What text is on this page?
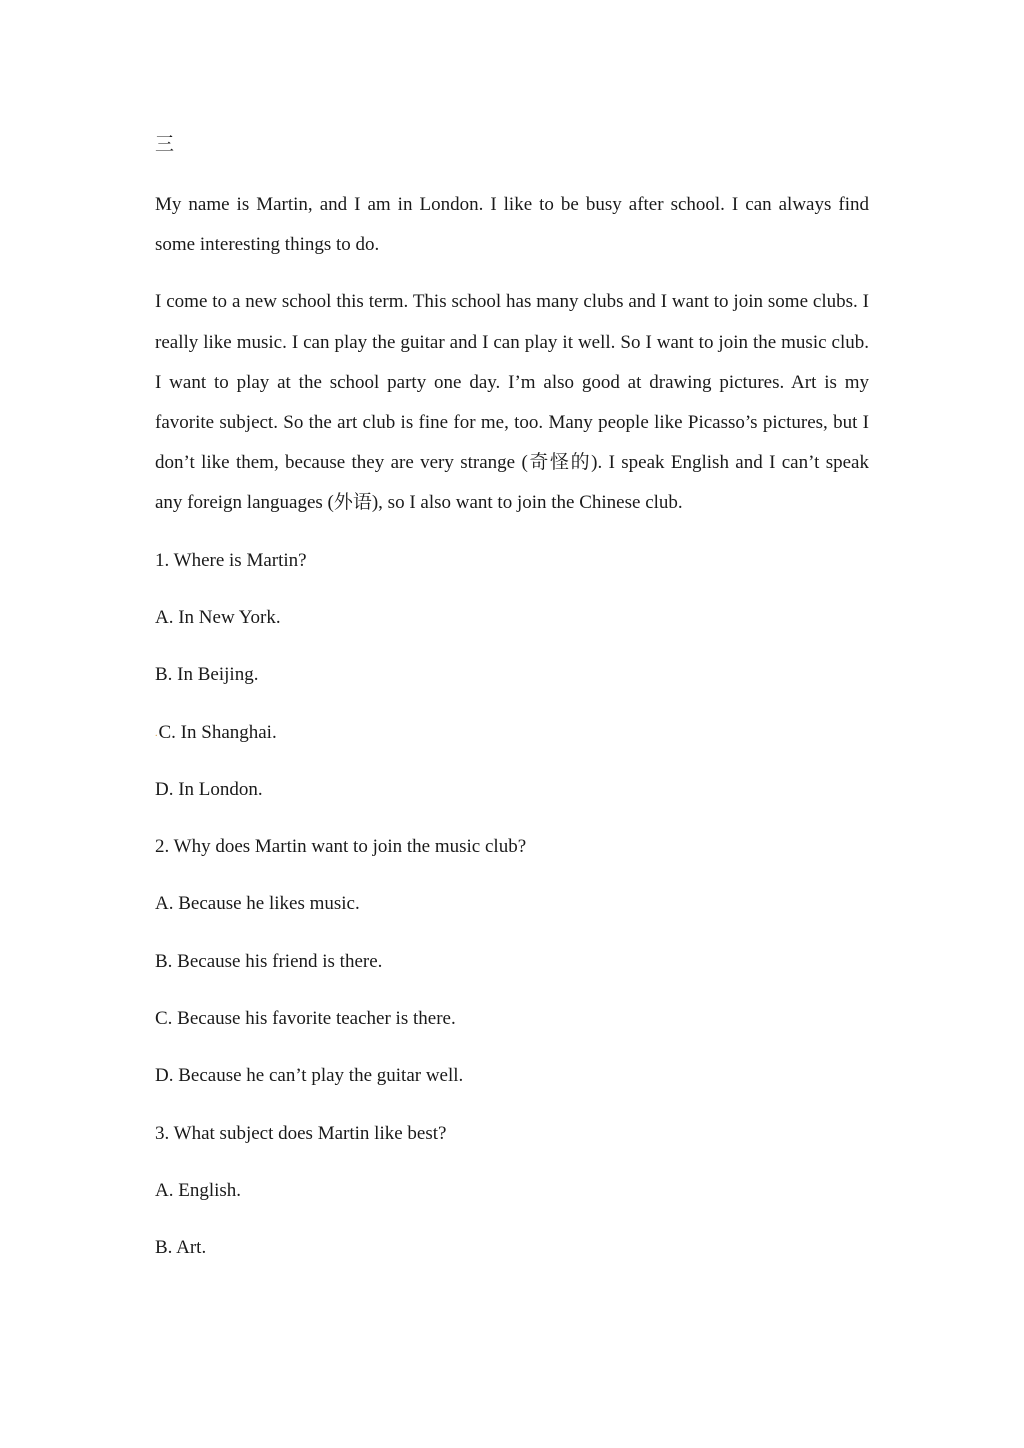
三

My name is Martin, and I am in London. I like to be busy after school. I can always find some interesting things to do.

I come to a new school this term. This school has many clubs and I want to join some clubs. I really like music. I can play the guitar and I can play it well. So I want to join the music club. I want to play at the school party one day. I’m also good at drawing pictures. Art is my favorite subject. So the art club is fine for me, too. Many people like Picasso’s pictures, but I don’t like them, because they are very strange (奇怪的). I speak English and I can’t speak any foreign languages (外语), so I also want to join the Chinese club.

1. Where is Martin?
A. In New York.
B. In Beijing.
.C. In Shanghai.
D. In London.
2. Why does Martin want to join the music club?
A. Because he likes music.
B. Because his friend is there.
C. Because his favorite teacher is there.
D. Because he can’t play the guitar well.
3. What subject does Martin like best?
A. English.
B. Art.
